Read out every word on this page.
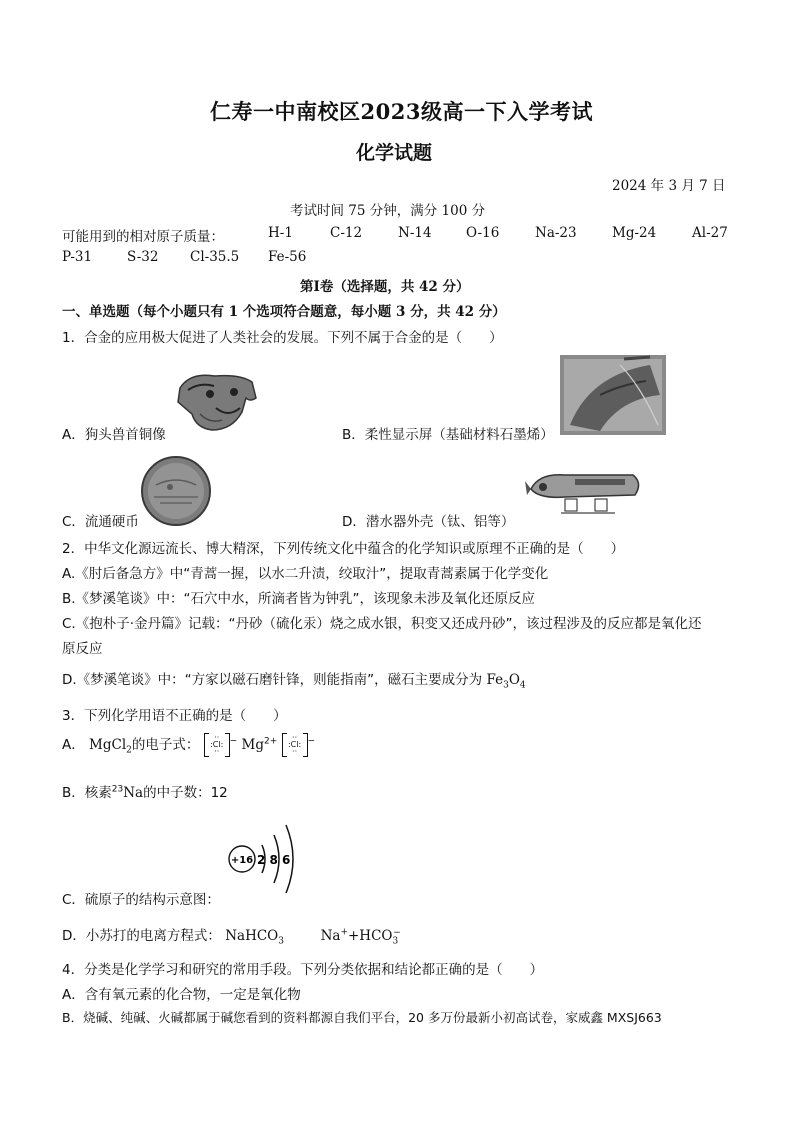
仁寿一中南校区2023级高一下入学考试
化学试题
2024 年 3 月 7 日
考试时间 75 分钟，满分 100 分
可能用到的相对原子质量：	H-1	C-12	N-14	O-16	Na-23	Mg-24	Al-27
P-31	S-32 Cl-35.5 Fe-56
第Ⅰ卷（选择题，共 42 分）
一、单选题（每个小题只有 1 个选项符合题意，每小题 3 分，共 42 分）
1．合金的应用极大促进了人类社会的发展。下列不属于合金的是（　　）
A．狗头兽首铜像	B．柔性显示屏（基础材料石墨烯）
C．流通硬币	D．潜水器外壳（钛、铝等）
2．中华文化源远流长、博大精深，下列传统文化中蕴含的化学知识或原理不正确的是（　　）
A.《肘后备急方》中“青蒿一握，以水二升渍，绞取汁”，提取青蒿素属于化学变化
B.《梦溪笔谈》中：“石穴中水，所滴者皆为钟乳”，该现象未涉及氧化还原反应
C.《抱朴子·金丹篇》记载：“丹砂（硫化汞）烧之成水银，积变又还成丹砂”，该过程涉及的反应都是氧化还
原反应
D.《梦溪笔谈》中：“方家以磁石磨针锋，则能指南”，磁石主要成分为 $Fe_3O_4$
3．下列化学用语不正确的是（　　）
A． MgCl$_2$的电子式： ··
:Cl:
··− $Mg^{2+}$ ··
:Cl:
··−
B．核素$^{23}$Na的中子数：12
+16 2 8 6
C．硫原子的结构示意图：
D．小苏打的电离方程式： NaHCO$_3$	$Na^++HCO_3^-$
4．分类是化学学习和研究的常用手段。下列分类依据和结论都正确的是（　　）
A．含有氧元素的化合物，一定是氧化物
B．烧碱、纯碱、火碱都属于碱您看到的资料都源自我们平台，20 多万份最新小初高试卷，家威鑫 MXSJ663
